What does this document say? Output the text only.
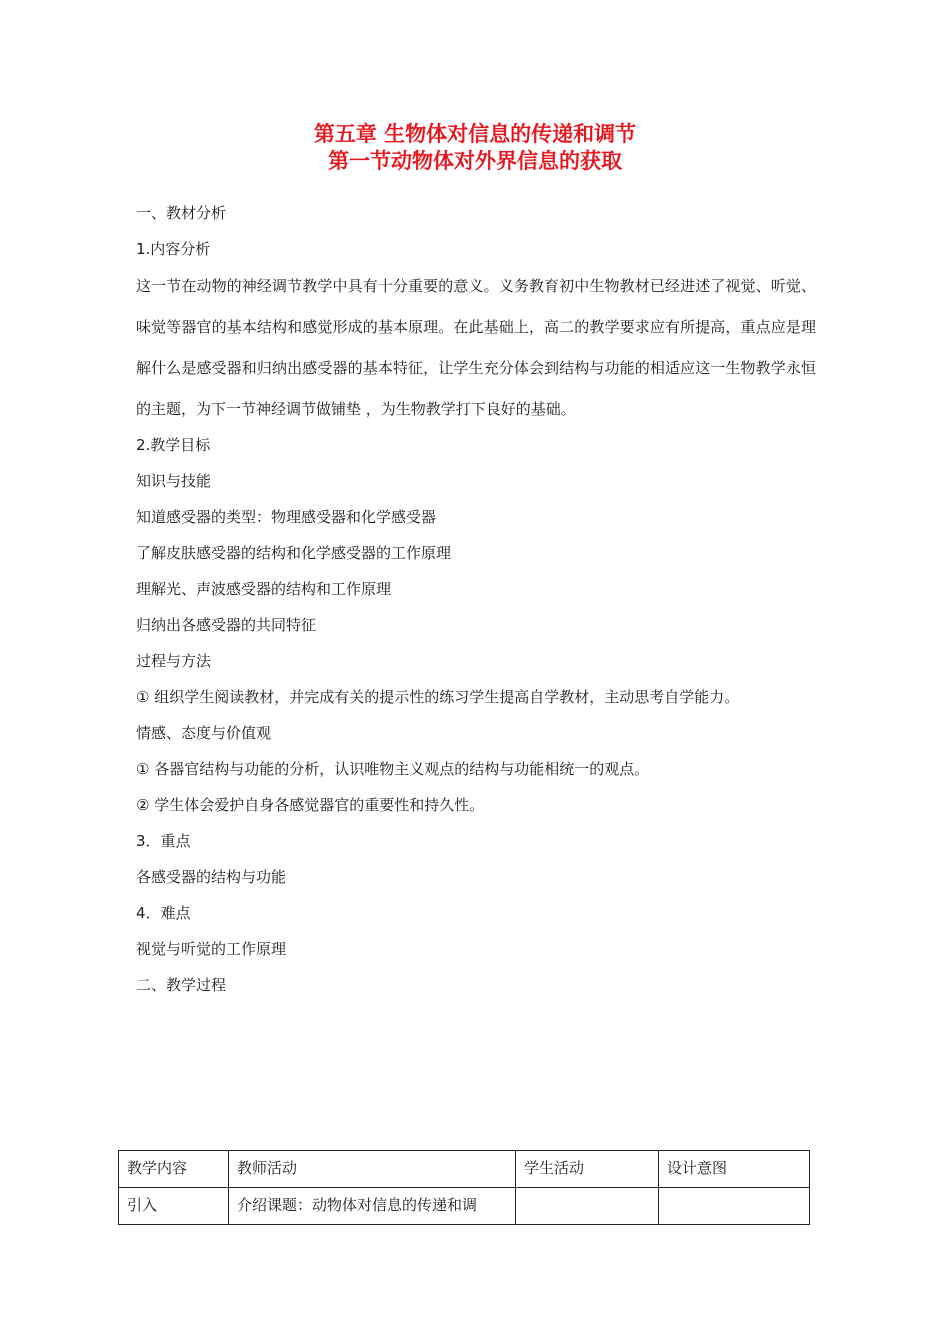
第五章 生物体对信息的传递和调节
第一节动物体对外界信息的获取
一、教材分析
1.内容分析
这一节在动物的神经调节教学中具有十分重要的意义。义务教育初中生物教材已经进述了视觉、听觉、味觉等器官的基本结构和感觉形成的基本原理。在此基础上，高二的教学要求应有所提高，重点应是理解什么是感受器和归纳出感受器的基本特征，让学生充分体会到结构与功能的相适应这一生物教学永恒的主题，为下一节神经调节做铺垫 ，为生物教学打下良好的基础。
2.教学目标
知识与技能
知道感受器的类型：物理感受器和化学感受器
了解皮肤感受器的结构和化学感受器的工作原理
理解光、声波感受器的结构和工作原理
归纳出各感受器的共同特征
过程与方法
① 组织学生阅读教材，并完成有关的提示性的练习学生提高自学教材，主动思考自学能力。
情感、态度与价值观
① 各器官结构与功能的分析，认识唯物主义观点的结构与功能相统一的观点。
② 学生体会爱护自身各感觉器官的重要性和持久性。
3．重点
各感受器的结构与功能
4．难点
视觉与听觉的工作原理
二、教学过程
教学内容	教师活动	学生活动	设计意图
引入	介绍课题：动物体对信息的传递和调		
